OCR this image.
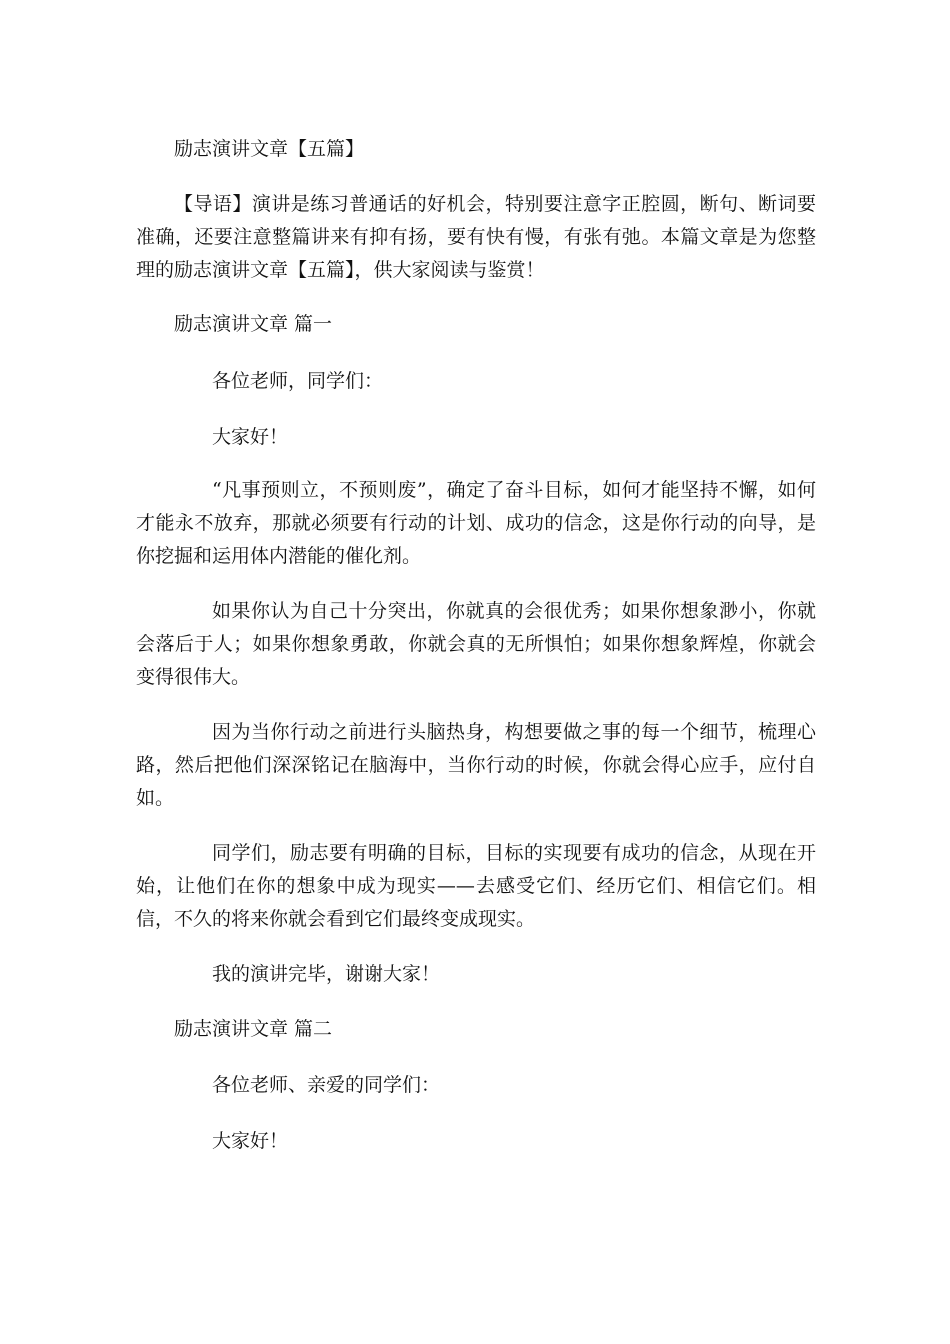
励志演讲文章【五篇】
【导语】演讲是练习普通话的好机会，特别要注意字正腔圆，断句、断词要准确，还要注意整篇讲来有抑有扬，要有快有慢，有张有弛。本篇文章是为您整理的励志演讲文章【五篇】，供大家阅读与鉴赏！
励志演讲文章 篇一
各位老师，同学们：
大家好！
“凡事预则立，不预则废”，确定了奋斗目标，如何才能坚持不懈，如何才能永不放弃，那就必须要有行动的计划、成功的信念，这是你行动的向导，是你挖掘和运用体内潜能的催化剂。
如果你认为自己十分突出，你就真的会很优秀；如果你想象渺小，你就会落后于人；如果你想象勇敢，你就会真的无所惧怕；如果你想象辉煌，你就会变得很伟大。
因为当你行动之前进行头脑热身，构想要做之事的每一个细节，梳理心路，然后把他们深深铭记在脑海中，当你行动的时候，你就会得心应手，应付自如。
同学们，励志要有明确的目标，目标的实现要有成功的信念，从现在开始，让他们在你的想象中成为现实——去感受它们、经历它们、相信它们。相信，不久的将来你就会看到它们最终变成现实。
我的演讲完毕，谢谢大家！
励志演讲文章 篇二
各位老师、亲爱的同学们：
大家好！
